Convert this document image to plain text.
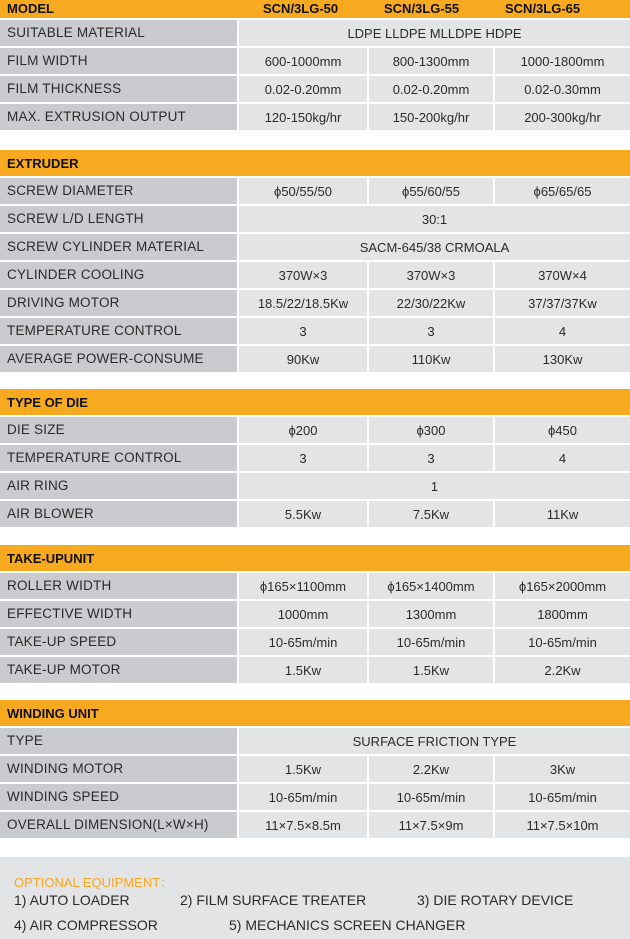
MODEL	SCN/3LG-50	SCN/3LG-55	SCN/3LG-65
SUITABLE MATERIAL	LDPE LLDPE MLLDPE HDPE
FILM WIDTH	600-1000mm	800-1300mm	1000-1800mm
FILM THICKNESS	0.02-0.20mm	0.02-0.20mm	0.02-0.30mm
MAX. EXTRUSION OUTPUT	120-150kg/hr	150-200kg/hr	200-300kg/hr
EXTRUDER
SCREW DIAMETER	ϕ50/55/50	ϕ55/60/55	ϕ65/65/65
SCREW L/D LENGTH	30:1
SCREW CYLINDER MATERIAL	SACM-645/38 CRMOALA
CYLINDER COOLING	370W×3	370W×3	370W×4
DRIVING MOTOR	18.5/22/18.5Kw	22/30/22Kw	37/37/37Kw
TEMPERATURE CONTROL	3	3	4
AVERAGE POWER-CONSUME	90Kw	110Kw	130Kw
TYPE OF DIE
DIE SIZE	ϕ200	ϕ300	ϕ450
TEMPERATURE CONTROL	3	3	4
AIR RING	1
AIR BLOWER	5.5Kw	7.5Kw	11Kw
TAKE-UPUNIT
ROLLER WIDTH	ϕ165×1100mm	ϕ165×1400mm	ϕ165×2000mm
EFFECTIVE WIDTH	1000mm	1300mm	1800mm
TAKE-UP SPEED	10-65m/min	10-65m/min	10-65m/min
TAKE-UP MOTOR	1.5Kw	1.5Kw	2.2Kw
WINDING UNIT
TYPE	SURFACE FRICTION TYPE
WINDING MOTOR	1.5Kw	2.2Kw	3Kw
WINDING SPEED	10-65m/min	10-65m/min	10-65m/min
OVERALL DIMENSION(L×W×H)	11×7.5×8.5m	11×7.5×9m	11×7.5×10m
OPTIONAL EQUIPMENT：
1) AUTO LOADER	2) FILM SURFACE TREATER	3) DIE ROTARY DEVICE
4) AIR COMPRESSOR	5) MECHANICS SCREEN CHANGER
